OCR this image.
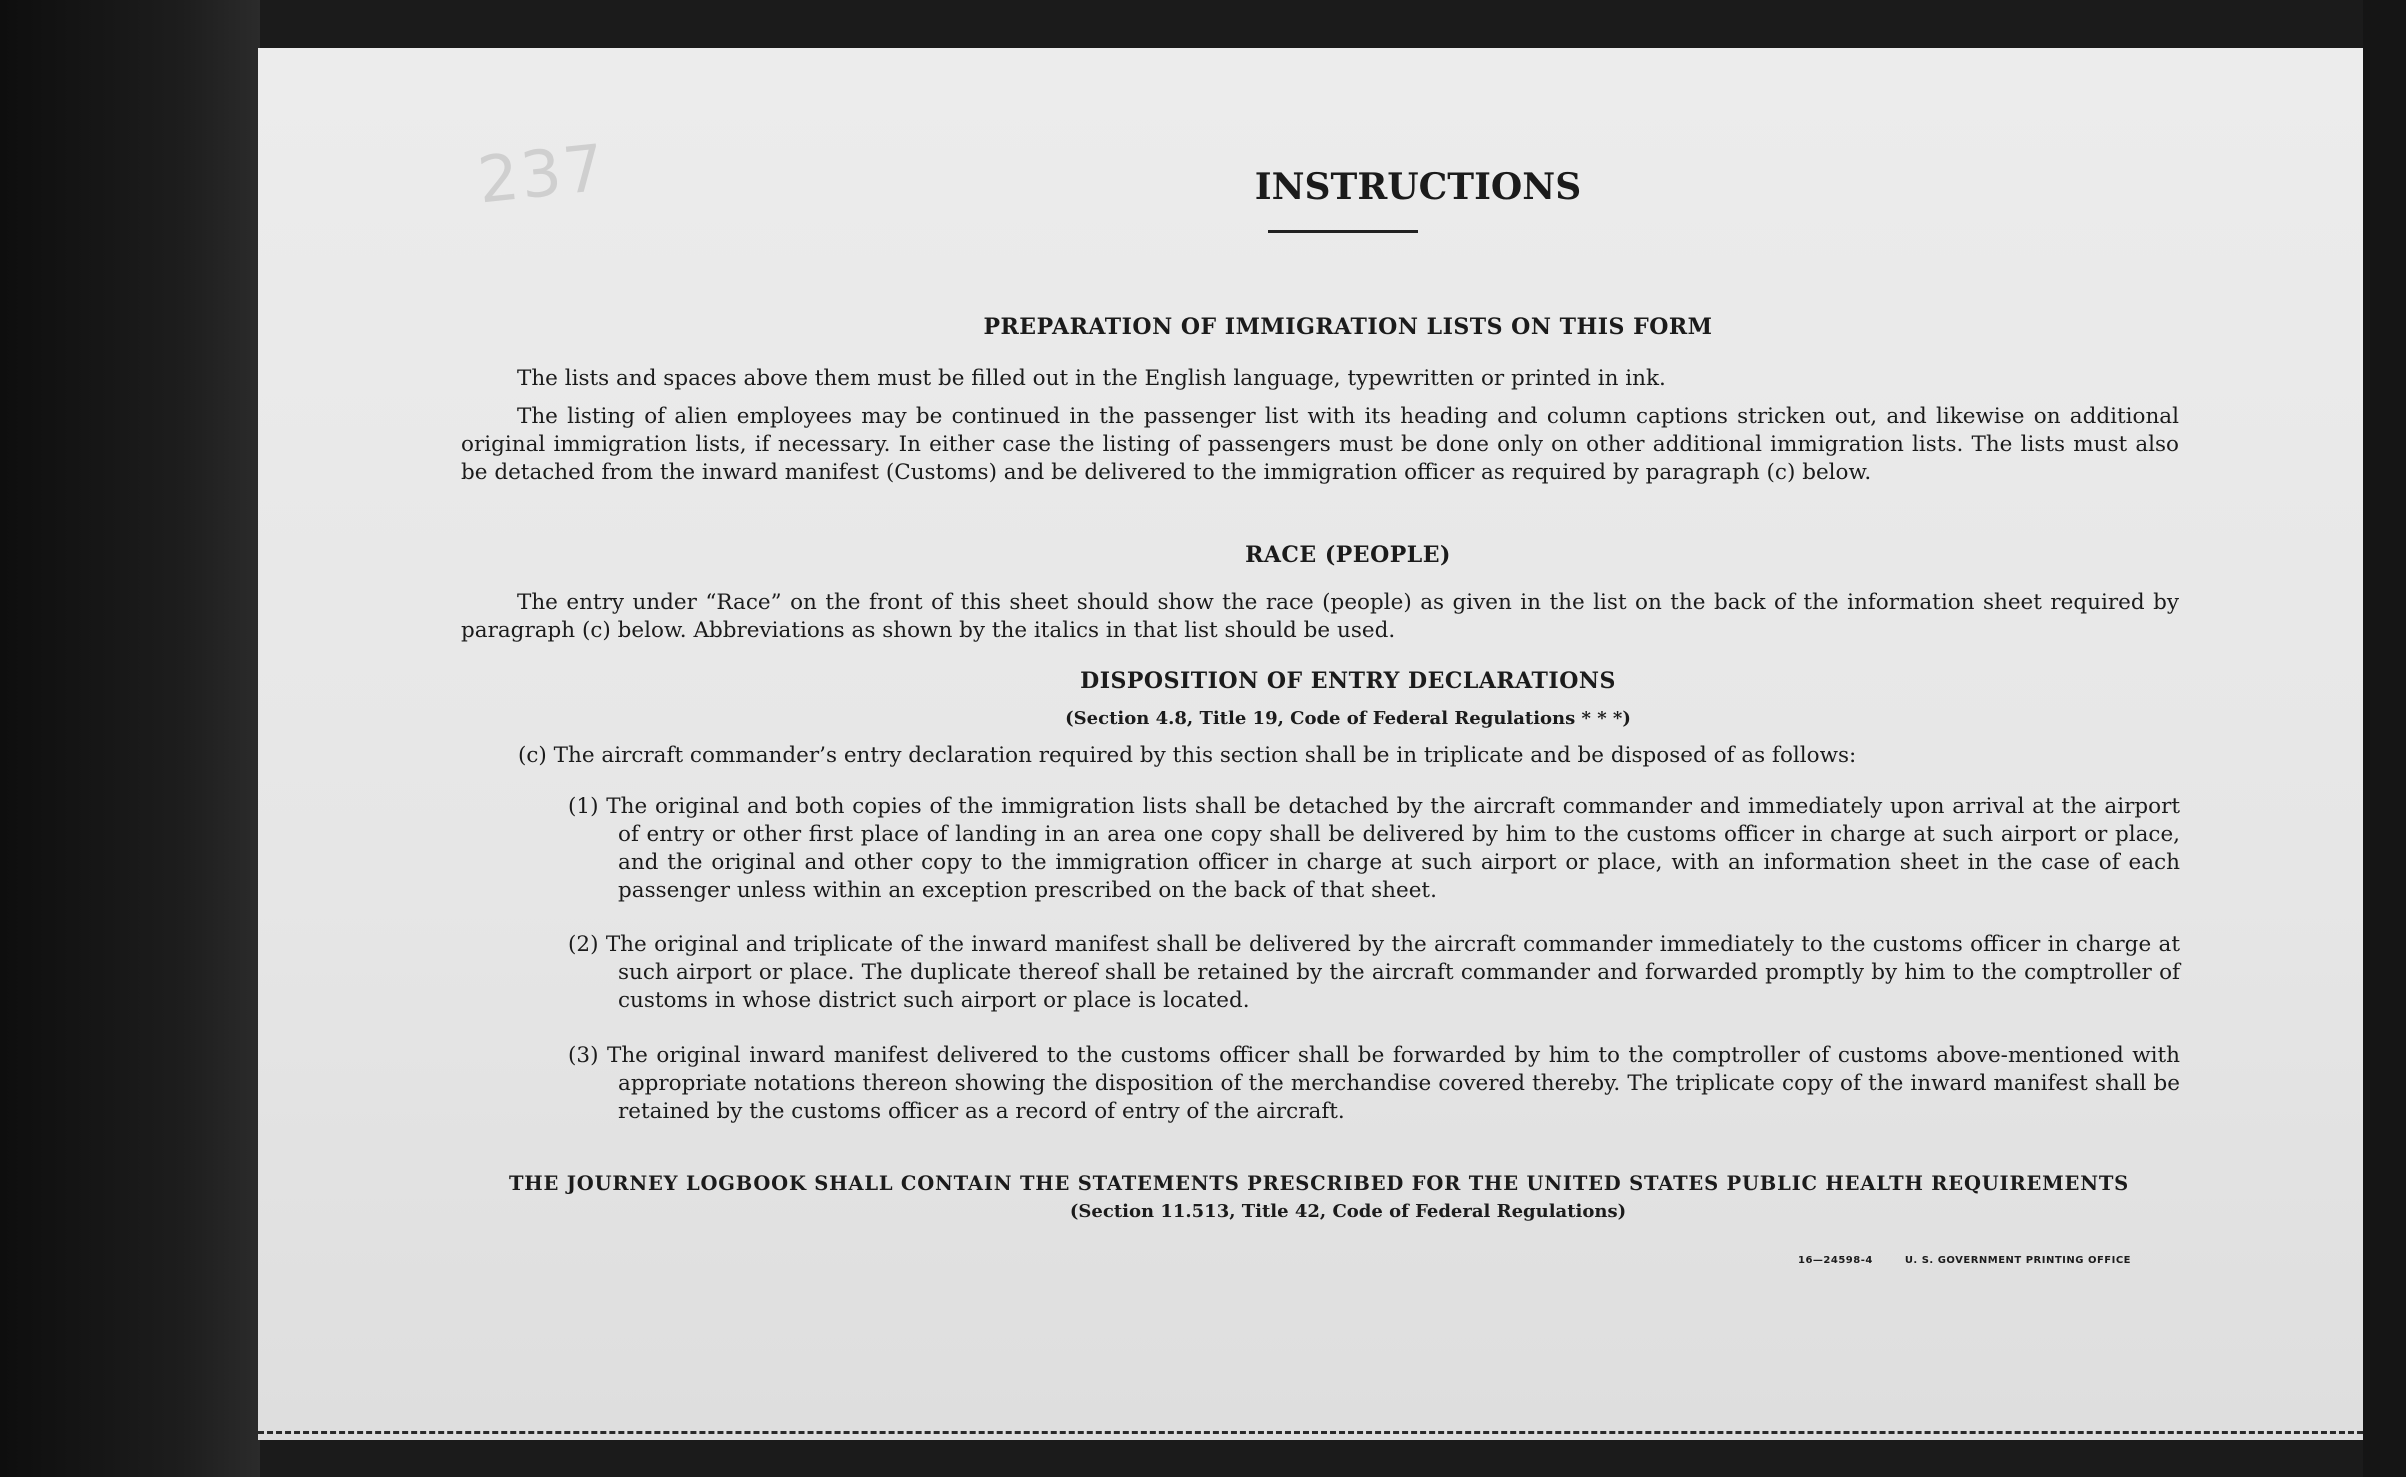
237	INSTRUCTIONS
PREPARATION OF IMMIGRATION LISTS ON THIS FORM
The lists and spaces above them must be filled out in the English language, typewritten or printed in ink.
The listing of alien employees may be continued in the passenger list with its heading and column captions stricken out, and likewise on additional original immigration lists, if necessary. In either case the listing of passengers must be done only on other additional immigration lists. The lists must also be detached from the inward manifest (Customs) and be delivered to the immigration officer as required by paragraph (c) below.
RACE (PEOPLE)
The entry under “Race” on the front of this sheet should show the race (people) as given in the list on the back of the information sheet required by paragraph (c) below. Abbreviations as shown by the italics in that list should be used.
DISPOSITION OF ENTRY DECLARATIONS
(Section 4.8, Title 19, Code of Federal Regulations * * *)
(c) The aircraft commander’s entry declaration required by this section shall be in triplicate and be disposed of as follows:
(1) The original and both copies of the immigration lists shall be detached by the aircraft commander and immediately upon arrival at the airport of entry or other first place of landing in an area one copy shall be delivered by him to the customs officer in charge at such airport or place, and the original and other copy to the immigration officer in charge at such airport or place, with an information sheet in the case of each passenger unless within an exception prescribed on the back of that sheet.
(2) The original and triplicate of the inward manifest shall be delivered by the aircraft commander immediately to the customs officer in charge at such airport or place. The duplicate thereof shall be retained by the aircraft commander and forwarded promptly by him to the comptroller of customs in whose district such airport or place is located.
(3) The original inward manifest delivered to the customs officer shall be forwarded by him to the comptroller of customs above-mentioned with appropriate notations thereon showing the disposition of the merchandise covered thereby. The triplicate copy of the inward manifest shall be retained by the customs officer as a record of entry of the aircraft.
THE JOURNEY LOGBOOK SHALL CONTAIN THE STATEMENTS PRESCRIBED FOR THE UNITED STATES PUBLIC HEALTH REQUIREMENTS
(Section 11.513, Title 42, Code of Federal Regulations)
16—24598-4	U. S. GOVERNMENT PRINTING OFFICE
